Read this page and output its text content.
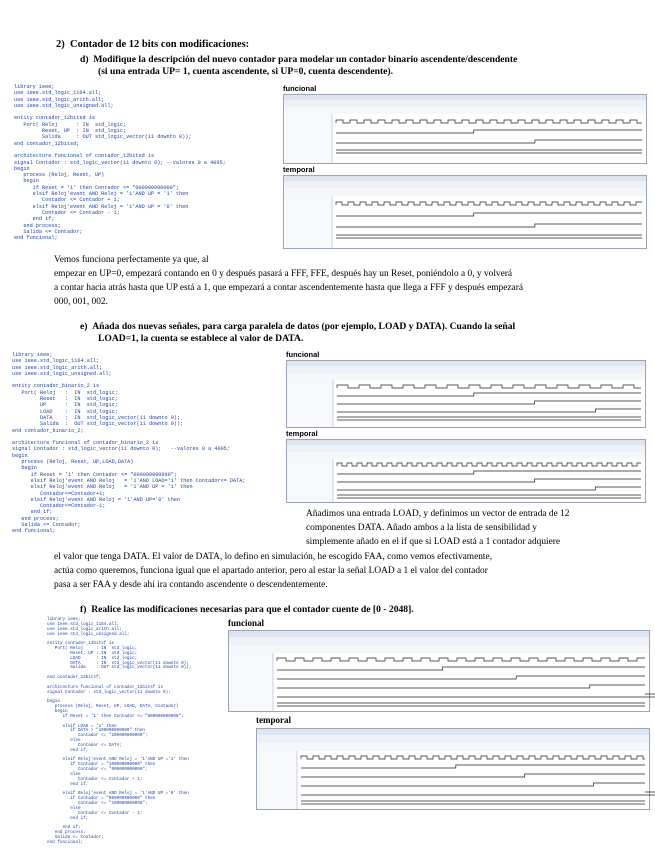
2) Contador de 12 bits con modificaciones:
d) Modifique la descripción del nuevo contador para modelar un contador binario ascendente/descendente
(si una entrada UP= 1, cuenta ascendente, si UP=0, cuenta descendente).
library ieee;
use ieee.std_logic_1164.all;
use ieee.std_logic_arith.all;
use ieee.std_logic_unsigned.all;

entity contador_12bitsd is
Port( Reloj      : IN  std_logic;
Reset, UP  : IN  std_logic;
Salida     : OUT std_logic_vector(11 downto 0));
end contador_12bitsd;

architecture funcional of contador_12bitsd is
signal Contador : std_logic_vector(11 downto 0); --valores 0 a 4095;
begin
process (Reloj, Reset, UP)
begin
if Reset = '1' then Contador <= "000000000000";
elsif Reloj'event AND Reloj = '1'AND UP = '1' then
Contador <= Contador + 1;
elsif Reloj'event AND Reloj = '1'AND UP = '0' then
Contador <= Contador - 1;
end if;
end process;
Salida <= Contador;
end funcional;
funcional
temporal
Vemos funciona perfectamente ya que, al
empezar en UP=0, empezará contando en 0 y después pasará a FFF, FFE, después hay un Reset, poniéndolo a 0, y volverá
a contar hacia atrás hasta que UP está a 1, que empezará a contar ascendentemente hasta que llega a FFF y después empezará
000, 001, 002.
e) Añada dos nuevas señales, para carga paralela de datos (por ejemplo, LOAD y DATA). Cuando la señal
LOAD=1, la cuenta se establece al valor de DATA.
library ieee;
use ieee.std_logic_1164.all;
use ieee.std_logic_arith.all;
use ieee.std_logic_unsigned.all;

entity contador_binario_2 is
Port( Reloj   :  IN  std_logic;
Reset   :  IN  std_logic;
UP      :  IN  std_logic;
LOAD    :  IN  std_logic;
DATA    :  IN  std_logic_vector(11 downto 0);
Salida  :  OUT std_logic_vector(11 downto 0));
end contador_binario_2;

architecture funcional of contador_binario_2 is
signal Contador : std_logic_vector(11 downto 0);   --valores 0 a 4095;
begin
process (Reloj, Reset, UP,LOAD,DATA)
begin
if Reset = '1' then Contador <= "000000000000";
elsif Reloj'event AND Reloj   = '1'AND LOAD='1' then Contador<= DATA;
elsif Reloj'event AND Reloj   = '1'AND UP = '1' then
Contador<=Contador+1;
elsif Reloj'event AND Reloj = '1'AND UP='0' then
Contador<=Contador-1;
end if;
end process;
Salida <= Contador;
end funcional;
funcional
temporal
Añadimos una entrada LOAD, y definimos un vector de entrada de 12
componentes DATA. Añado ambos a la lista de sensibilidad y
simplemente añado en el if que si LOAD está a 1 contador adquiere
el valor que tenga DATA. El valor de DATA, lo defino en simulación, he escogido FAA, como vemos efectivamente,
actúa como queremos, funciona igual que el apartado anterior, pero al estar la señal LOAD a 1 el valor del contador
pasa a ser FAA y desde ahí ira contando ascendente o descendentemente.
f) Realice las modificaciones necesarias para que el contador cuente de [0 - 2048].
library ieee;
use ieee.std_logic_1164.all;
use ieee.std_logic_arith.all;
use ieee.std_logic_unsigned.all;

entity contador_12bitsf is
Port( Reloj     : IN  std_logic;
Reset, UP : IN  std_logic;
LOAD      : IN  std_logic;
DATA      : IN  std_logic_vector(11 downto 0);
Salida    : OUT std_logic_vector(11 downto 0));

end contador_12bitsf;

architecture funcional of contador_12bitsf is
signal Contador : std_logic_vector(11 downto 0);

begin
process (Reloj, Reset, UP, LOAD, DATA, Contador)
begin
if Reset = '1' then Contador <= "000000000000";

elsif LOAD = '1' then
if DATA > "100000000000" then
Contador <= "100000000000";
else
Contador <= DATA;
end if;

elsif Reloj'event AND Reloj = '1'AND UP ='1' then
if Contador = "100000000000" then
Contador <= "000000000000";
else
Contador <= Contador + 1;
end if;

elsif Reloj'event AND Reloj = '1'AND UP ='0' then
if Contador = "000000000000" then
Contador <= "100000000000";
else
Contador <= Contador - 1;
end if;

end if;
end process;
Salida <= Contador;
end funcional;
funcional
temporal
